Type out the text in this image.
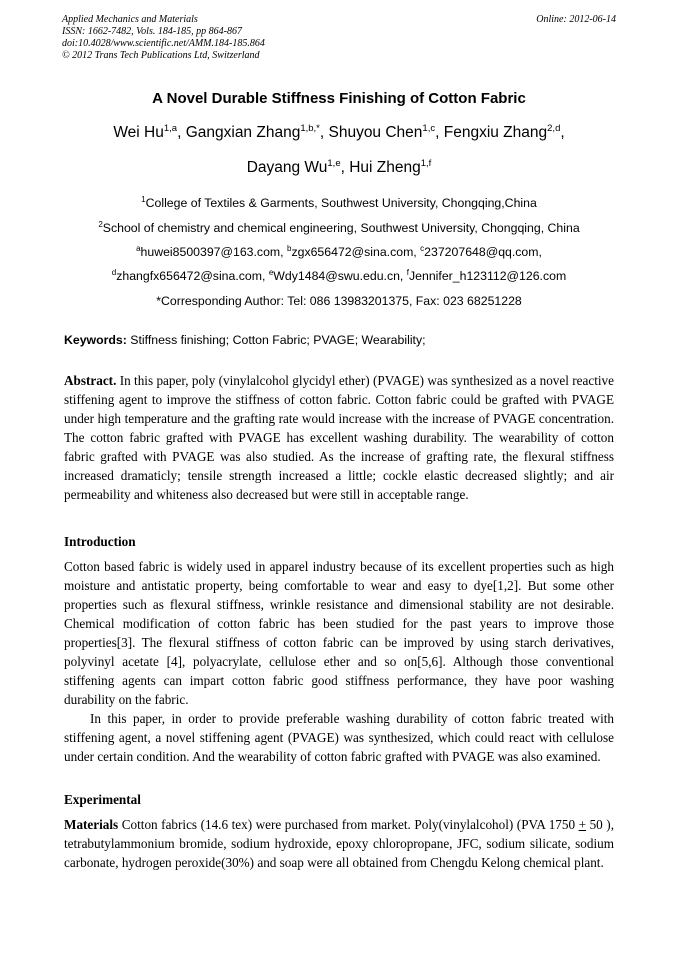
Applied Mechanics and Materials
ISSN: 1662-7482, Vols. 184-185, pp 864-867
doi:10.4028/www.scientific.net/AMM.184-185.864
© 2012 Trans Tech Publications Ltd, Switzerland
Online: 2012-06-14
A Novel Durable Stiffness Finishing of Cotton Fabric
Wei Hu$^{1,a}$, Gangxian Zhang$^{1,b,*}$, Shuyou Chen$^{1,c}$, Fengxiu Zhang$^{2,d}$,
Dayang Wu$^{1,e}$, Hui Zheng$^{1,f}$
$^1$College of Textiles & Garments, Southwest University, Chongqing,China
$^2$School of chemistry and chemical engineering, Southwest University, Chongqing, China
$^a$huwei8500397@163.com, $^b$zgx656472@sina.com, $^c$237207648@qq.com,
$^d$zhangfx656472@sina.com, $^e$Wdy1484@swu.edu.cn, $^f$Jennifer_h123112@126.com
*Corresponding Author: Tel: 086 13983201375, Fax: 023 68251228
Keywords: Stiffness finishing; Cotton Fabric; PVAGE; Wearability;
Abstract. In this paper, poly (vinylalcohol glycidyl ether) (PVAGE) was synthesized as a novel reactive stiffening agent to improve the stiffness of cotton fabric. Cotton fabric could be grafted with PVAGE under high temperature and the grafting rate would increase with the increase of PVAGE concentration. The cotton fabric grafted with PVAGE has excellent washing durability. The wearability of cotton fabric grafted with PVAGE was also studied. As the increase of grafting rate, the flexural stiffness increased dramaticly; tensile strength increased a little; cockle elastic decreased slightly; and air permeability and whiteness also decreased but were still in acceptable range.
Introduction

Cotton based fabric is widely used in apparel industry because of its excellent properties such as high moisture and antistatic property, being comfortable to wear and easy to dye[1,2]. But some other properties such as flexural stiffness, wrinkle resistance and dimensional stability are not desirable. Chemical modification of cotton fabric has been studied for the past years to improve those properties[3]. The flexural stiffness of cotton fabric can be improved by using starch derivatives, polyvinyl acetate [4], polyacrylate, cellulose ether and so on[5,6]. Although those conventional stiffening agents can impart cotton fabric good stiffness performance, they have poor washing durability on the fabric.

In this paper, in order to provide preferable washing durability of cotton fabric treated with stiffening agent, a novel stiffening agent (PVAGE) was synthesized, which could react with cellulose under certain condition. And the wearability of cotton fabric grafted with PVAGE was also examined.

Experimental
Materials Cotton fabrics (14.6 tex) were purchased from market. Poly(vinylalcohol) (PVA 1750 + 50 ), tetrabutylammonium bromide, sodium hydroxide, epoxy chloropropane, JFC, sodium silicate, sodium carbonate, hydrogen peroxide(30%) and soap were all obtained from Chengdu Kelong chemical plant.
